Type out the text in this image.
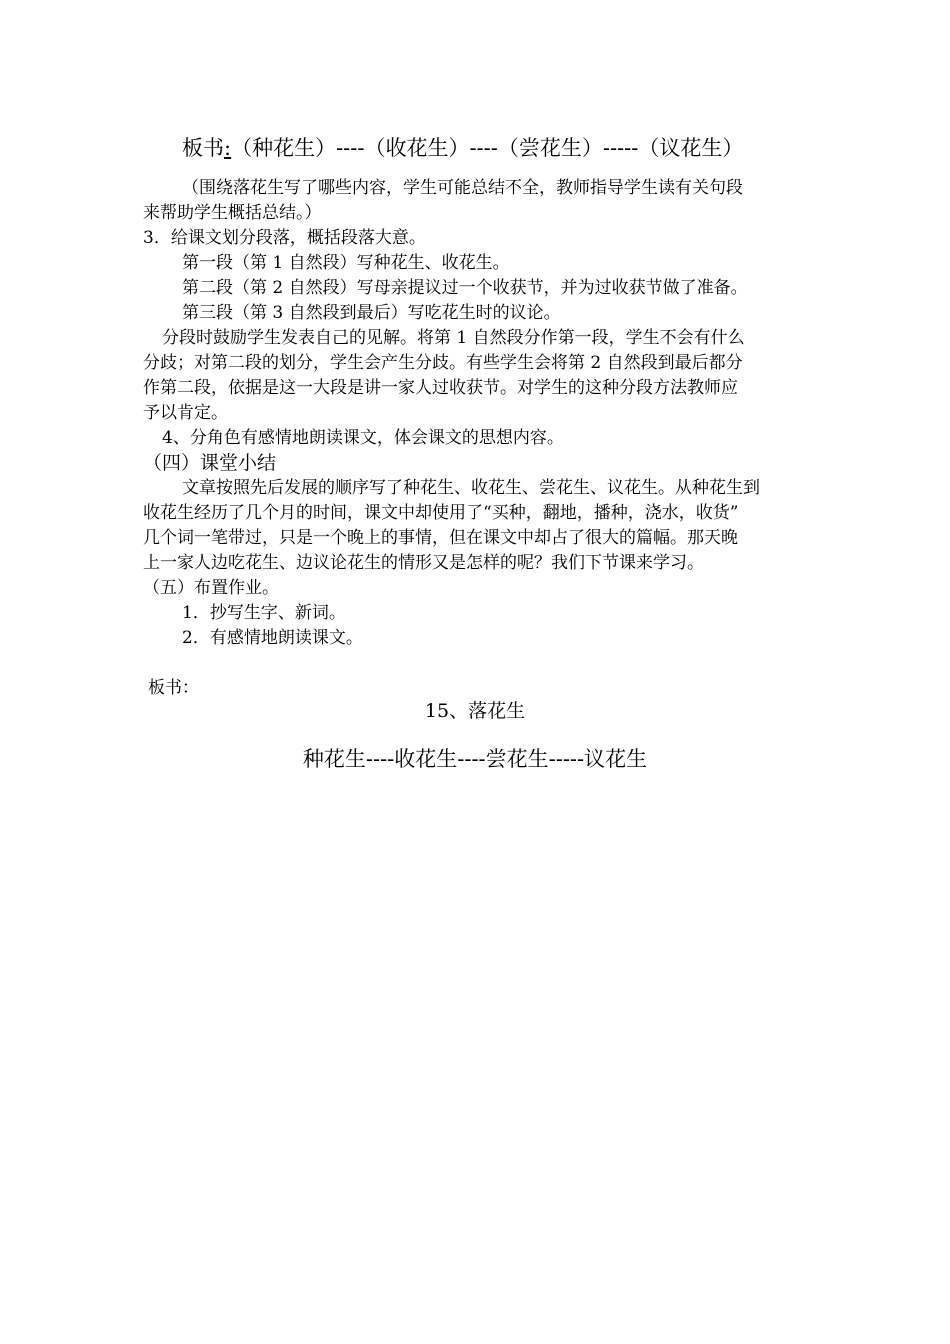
板书:（种花生）----（收花生）----（尝花生）-----（议花生）
（围绕落花生写了哪些内容，学生可能总结不全，教师指导学生读有关句段
来帮助学生概括总结。）
3．给课文划分段落，概括段落大意。
第一段（第 1 自然段）写种花生、收花生。
第二段（第 2 自然段）写母亲提议过一个收获节，并为过收获节做了准备。
第三段（第 3 自然段到最后）写吃花生时的议论。
分段时鼓励学生发表自己的见解。将第 1 自然段分作第一段，学生不会有什么
分歧；对第二段的划分，学生会产生分歧。有些学生会将第 2 自然段到最后都分
作第二段，依据是这一大段是讲一家人过收获节。对学生的这种分段方法教师应
予以肯定。
4、分角色有感情地朗读课文，体会课文的思想内容。
（四）课堂小结
文章按照先后发展的顺序写了种花生、收花生、尝花生、议花生。从种花生到
收花生经历了几个月的时间，课文中却使用了“买种，翻地，播种，浇水，收货”
几个词一笔带过，只是一个晚上的事情，但在课文中却占了很大的篇幅。那天晚
上一家人边吃花生、边议论花生的情形又是怎样的呢？我们下节课来学习。
（五）布置作业。
1．抄写生字、新词。
2．有感情地朗读课文。
板书：
15、落花生
种花生----收花生----尝花生-----议花生
